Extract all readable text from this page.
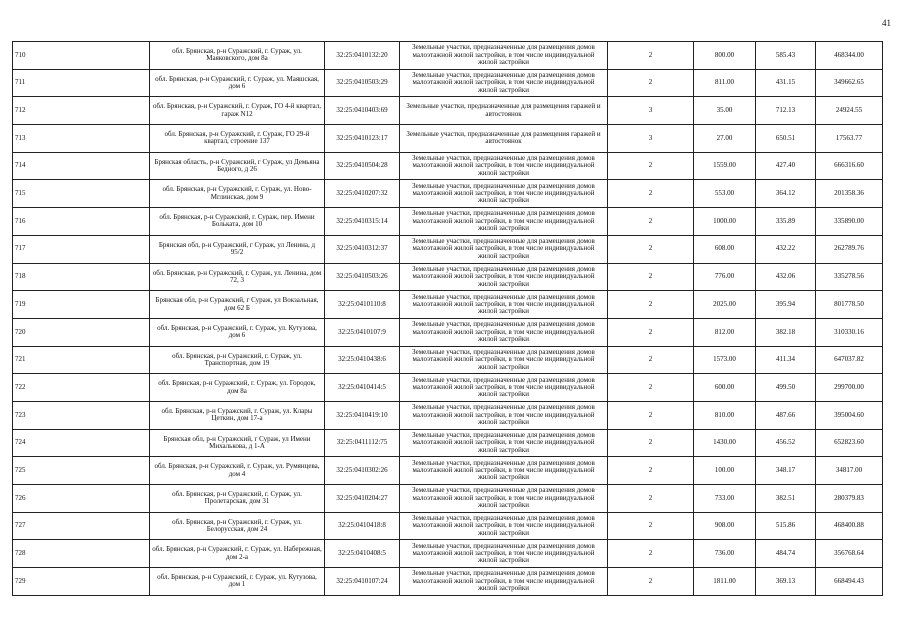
41
710	обл. Брянская, р-н Суражский, г. Сураж, ул. Маяковского, дом 8а	32:25:0410132:20	Земельные участки, предназначенные для размещения домов малоэтажной жилой застройки, в том числе индивидуальной жилой застройки	2	800.00	585.43	468344.00
711	обл. Брянская, р-н Суражский, г. Сураж, ул. Маяшская, дом 6	32:25:0410503:29	Земельные участки, предназначенные для размещения домов малоэтажной жилой застройки, в том числе индивидуальной жилой застройки	2	811.00	431.15	349662.65
712	обл. Брянская, р-н Суражский, г. Сураж, ГО 4-й квартал, гараж N12	32:25:0410403:69	Земельные участки, предназначенные для размещения гаражей и автостоянок	3	35.00	712.13	24924.55
713	обл. Брянская, р-н Суражский, г. Сураж, ГО 29-й квартал, строение 137	32:25:0410123:17	Земельные участки, предназначенные для размещения гаражей и автостоянок	3	27.00	650.51	17563.77
714	Брянская область, р-н Суражский, г Сураж, ул Демьяна Бедного, д 26	32:25:0410504:28	Земельные участки, предназначенные для размещения домов малоэтажной жилой застройки, в том числе индивидуальной жилой застройки	2	1559.00	427.40	666316.60
715	обл. Брянская, р-н Суражский, г. Сураж, ул. Ново-Мглинская, дом 9	32:25:0410207:32	Земельные участки, предназначенные для размещения домов малоэтажной жилой застройки, в том числе индивидуальной жилой застройки	2	553.00	364.12	201358.36
716	обл. Брянская, р-н Суражский, г. Сураж, пер. Имени Больката, дом 10	32:25:0410315:14	Земельные участки, предназначенные для размещения домов малоэтажной жилой застройки, в том числе индивидуальной жилой застройки	2	1000.00	335.89	335890.00
717	Брянская обл, р-н Суражский, г Сураж, ул Ленина, д 95/2	32:25:0410312:37	Земельные участки, предназначенные для размещения домов малоэтажной жилой застройки, в том числе индивидуальной жилой застройки	2	608.00	432.22	262789.76
718	обл. Брянская, р-н Суражский, г. Сураж, ул. Ленина, дом 72, 3	32:25:0410503:26	Земельные участки, предназначенные для размещения домов малоэтажной жилой застройки, в том числе индивидуальной жилой застройки	2	776.00	432.06	335278.56
719	Брянская обл, р-н Суражский, г Сураж, ул Вокзальная, дом 62 Б	32:25:0410110:8	Земельные участки, предназначенные для размещения домов малоэтажной жилой застройки, в том числе индивидуальной жилой застройки	2	2025.00	395.94	801778.50
720	обл. Брянская, р-н Суражский, г. Сураж, ул. Кутузова, дом 6	32:25:0410107:9	Земельные участки, предназначенные для размещения домов малоэтажной жилой застройки, в том числе индивидуальной жилой застройки	2	812.00	382.18	310330.16
721	обл. Брянская, р-н Суражский, г. Сураж, ул. Транспортная, дом 19	32:25:0410438:6	Земельные участки, предназначенные для размещения домов малоэтажной жилой застройки, в том числе индивидуальной жилой застройки	2	1573.00	411.34	647037.82
722	обл. Брянская, р-н Суражский, г. Сураж, ул. Городок, дом 8а	32:25:0410414:5	Земельные участки, предназначенные для размещения домов малоэтажной жилой застройки, в том числе индивидуальной жилой застройки	2	600.00	499.50	299700.00
723	обл. Брянская, р-н Суражский, г. Сураж, ул. Клары Цеткин, дом 17-а	32:25:0410419:10	Земельные участки, предназначенные для размещения домов малоэтажной жилой застройки, в том числе индивидуальной жилой застройки	2	810.00	487.66	395004.60
724	Брянская обл, р-н Суражский, г Сураж, ул Имени Михалькова, д 1-А	32:25:0411112:75	Земельные участки, предназначенные для размещения домов малоэтажной жилой застройки, в том числе индивидуальной жилой застройки	2	1430.00	456.52	652823.60
725	обл. Брянская, р-н Суражский, г. Сураж, ул. Румянцева, дом 4	32:25:0410302:26	Земельные участки, предназначенные для размещения домов малоэтажной жилой застройки, в том числе индивидуальной жилой застройки	2	100.00	348.17	34817.00
726	обл. Брянская, р-н Суражский, г. Сураж, ул. Пролетарская, дом 31	32:25:0410204:27	Земельные участки, предназначенные для размещения домов малоэтажной жилой застройки, в том числе индивидуальной жилой застройки	2	733.00	382.51	280379.83
727	обл. Брянская, р-н Суражский, г. Сураж, ул. Белорусская, дом 24	32:25:0410418:8	Земельные участки, предназначенные для размещения домов малоэтажной жилой застройки, в том числе индивидуальной жилой застройки	2	908.00	515.86	468400.88
728	обл. Брянская, р-н Суражский, г. Сураж, ул. Набережная, дом 2-а	32:25:0410408:5	Земельные участки, предназначенные для размещения домов малоэтажной жилой застройки, в том числе индивидуальной жилой застройки	2	736.00	484.74	356768.64
729	обл. Брянская, р-н Суражский, г. Сураж, ул. Кутузова, дом 1	32:25:0410107:24	Земельные участки, предназначенные для размещения домов малоэтажной жилой застройки, в том числе индивидуальной жилой застройки	2	1811.00	369.13	668494.43
